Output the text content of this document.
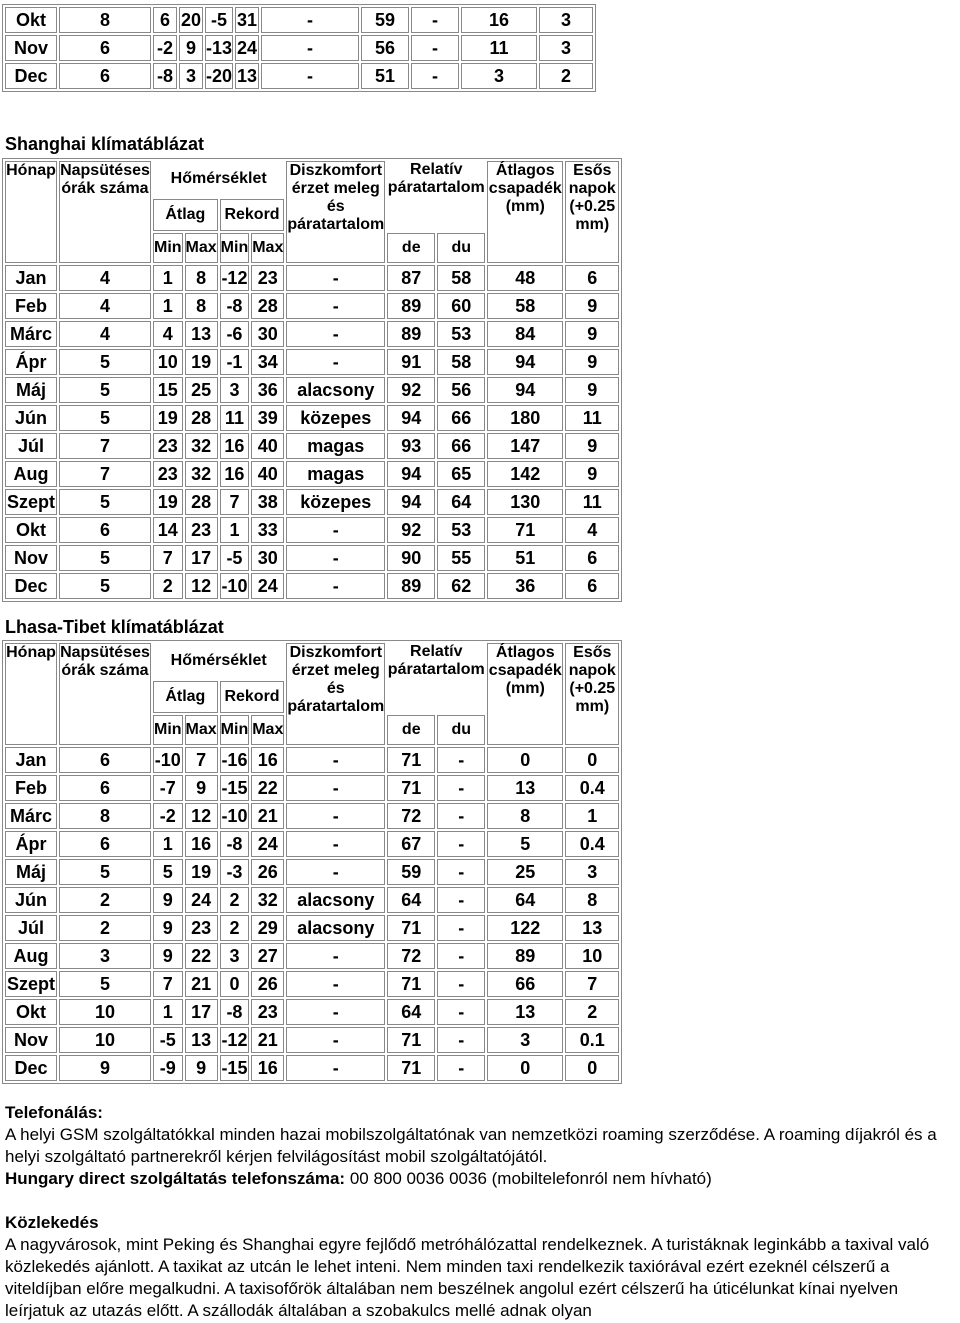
Okt	8	6	20	-5	31	-	59	-	16	3
Nov	6	-2	9	-13	24	-	56	-	11	3
Dec	6	-8	3	-20	13	-	51	-	3	2
Shanghai klímatáblázat
Hónap	Napsütéses órák száma	Hőmérséklet				Diszkomfort érzet meleg és páratartalom	Relatív páratartalom		Átlagos csapadék (mm)	Esős napok (+0.25 mm)
		Átlag		Rekord						
		Min	Max	Min	Max		de	du		
Jan	4	1	8	-12	23	-	87	58	48	6
Feb	4	1	8	-8	28	-	89	60	58	9
Márc	4	4	13	-6	30	-	89	53	84	9
Ápr	5	10	19	-1	34	-	91	58	94	9
Máj	5	15	25	3	36	alacsony	92	56	94	9
Jún	5	19	28	11	39	közepes	94	66	180	11
Júl	7	23	32	16	40	magas	93	66	147	9
Aug	7	23	32	16	40	magas	94	65	142	9
Szept	5	19	28	7	38	közepes	94	64	130	11
Okt	6	14	23	1	33	-	92	53	71	4
Nov	5	7	17	-5	30	-	90	55	51	6
Dec	5	2	12	-10	24	-	89	62	36	6
Lhasa-Tibet klímatáblázat
Hónap	Napsütéses órák száma	Hőmérséklet				Diszkomfort érzet meleg és páratartalom	Relatív páratartalom		Átlagos csapadék (mm)	Esős napok (+0.25 mm)
		Átlag		Rekord						
		Min	Max	Min	Max		de	du		
Jan	6	-10	7	-16	16	-	71	-	0	0
Feb	6	-7	9	-15	22	-	71	-	13	0.4
Márc	8	-2	12	-10	21	-	72	-	8	1
Ápr	6	1	16	-8	24	-	67	-	5	0.4
Máj	5	5	19	-3	26	-	59	-	25	3
Jún	2	9	24	2	32	alacsony	64	-	64	8
Júl	2	9	23	2	29	alacsony	71	-	122	13
Aug	3	9	22	3	27	-	72	-	89	10
Szept	5	7	21	0	26	-	71	-	66	7
Okt	10	1	17	-8	23	-	64	-	13	2
Nov	10	-5	13	-12	21	-	71	-	3	0.1
Dec	9	-9	9	-15	16	-	71	-	0	0
Telefonálás:
A helyi GSM szolgáltatókkal minden hazai mobilszolgáltatónak van nemzetközi roaming szerződése. A roaming díjakról és a helyi szolgáltató partnerekről kérjen felvilágosítást mobil szolgáltatójától.
Hungary direct szolgáltatás telefonszáma: 00 800 0036 0036 (mobiltelefonról nem hívható)
Közlekedés
A nagyvárosok, mint Peking és Shanghai egyre fejlődő metróhálózattal rendelkeznek. A turistáknak leginkább a taxival való közlekedés ajánlott. A taxikat az utcán le lehet inteni. Nem minden taxi rendelkezik taxiórával ezért ezeknél célszerű a viteldíjban előre megalkudni. A taxisofőrök általában nem beszélnek angolul ezért célszerű ha úticélunkat kínai nyelven leírjatuk az utazás előtt. A szállodák általában a szobakulcs mellé adnak olyan
